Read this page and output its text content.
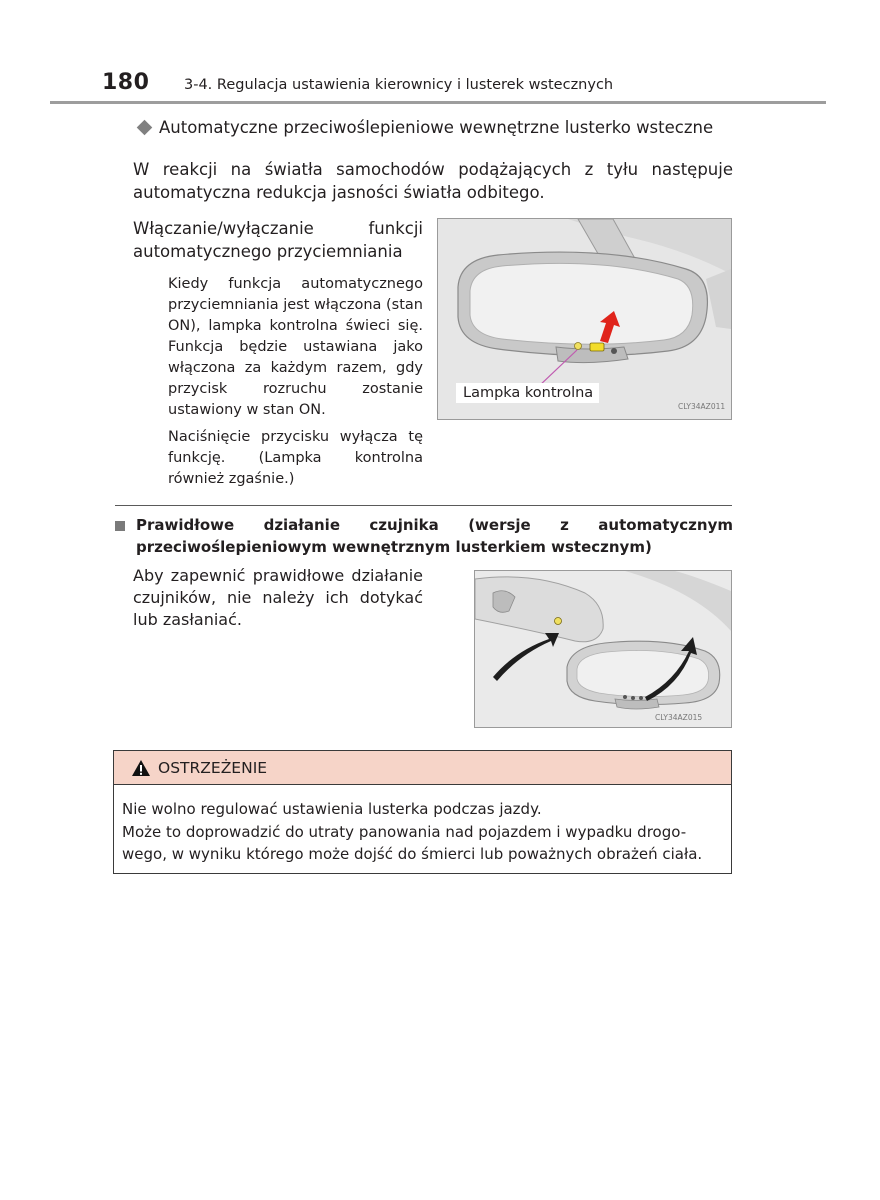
180 3-4. Regulacja ustawienia kierownicy i lusterek wstecznych
Automatyczne przeciwoślepieniowe wewnętrzne lusterko wsteczne
W reakcji na światła samochodów podążających z tyłu następuje automatyczna redukcja jasności światła odbitego.
Włączanie/wyłączanie funkcji automatycznego przyciemniania
Kiedy funkcja automatycznego przyciemniania jest włączona (stan ON), lampka kontrolna świeci się. Funkcja będzie ustawiana jako włączona za każdym razem, gdy przycisk rozruchu zostanie ustawiony w stan ON.
Naciśnięcie przycisku wyłącza tę funkcję. (Lampka kontrolna również zgaśnie.)
Lampka kontrolna
CLY34AZ011
Prawidłowe działanie czujnika (wersje z automatycznym przeciwoślepieniowym wewnętrznym lusterkiem wstecznym)
Aby zapewnić prawidłowe działanie czujników, nie należy ich dotykać lub zasłaniać.
CLY34AZ015
OSTRZEŻENIE
Nie wolno regulować ustawienia lusterka podczas jazdy.
Może to doprowadzić do utraty panowania nad pojazdem i wypadku drogo-
wego, w wyniku którego może dojść do śmierci lub poważnych obrażeń ciała.
